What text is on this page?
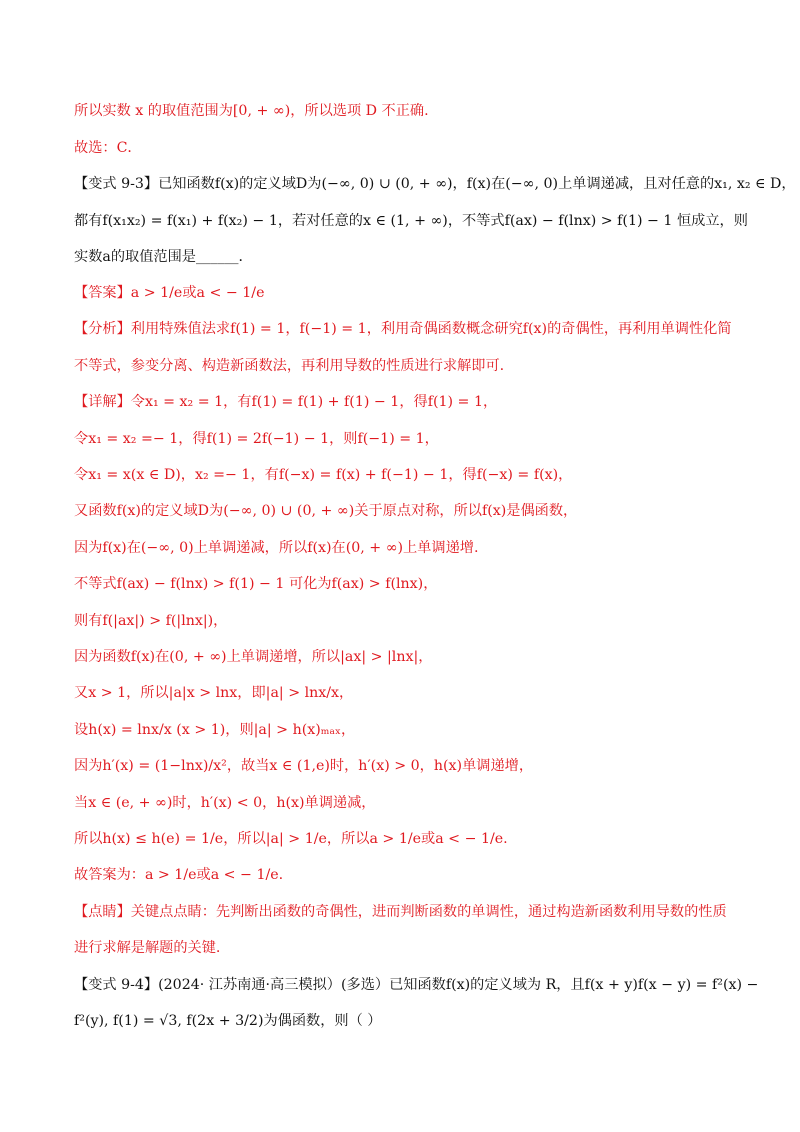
所以实数 x 的取值范围为[0, + ∞)，所以选项 D 不正确.
故选：C．
【变式 9-3】已知函数f(x)的定义域D为(−∞, 0) ∪ (0, + ∞)，f(x)在(−∞, 0)上单调递减，且对任意的x₁, x₂ ∈ D，
都有f(x₁x₂) = f(x₁) + f(x₂) − 1，若对任意的x ∈ (1, + ∞)，不等式f(ax) − f(lnx) > f(1) − 1 恒成立，则
实数a的取值范围是______．
【答案】a > 1/e或a < − 1/e
【分析】利用特殊值法求f(1) = 1，f(−1) = 1，利用奇偶函数概念研究f(x)的奇偶性，再利用单调性化简
不等式，参变分离、构造新函数法，再利用导数的性质进行求解即可.
【详解】令x₁ = x₂ = 1，有f(1) = f(1) + f(1) − 1，得f(1) = 1，
令x₁ = x₂ =− 1，得f(1) = 2f(−1) − 1，则f(−1) = 1，
令x₁ = x(x ∈ D)，x₂ =− 1，有f(−x) = f(x) + f(−1) − 1，得f(−x) = f(x)，
又函数f(x)的定义域D为(−∞, 0) ∪ (0, + ∞)关于原点对称，所以f(x)是偶函数，
因为f(x)在(−∞, 0)上单调递减，所以f(x)在(0, + ∞)上单调递增.
不等式f(ax) − f(lnx) > f(1) − 1 可化为f(ax) > f(lnx)，
则有f(|ax|) > f(|lnx|)，
因为函数f(x)在(0, + ∞)上单调递增，所以|ax| > |lnx|，
又x > 1，所以|a|x > lnx，即|a| > lnx/x，
设h(x) = lnx/x (x > 1)，则|a| > h(x)ₘₐₓ，
因为h′(x) = (1−lnx)/x²，故当x ∈ (1,e)时，h′(x) > 0，h(x)单调递增，
当x ∈ (e, + ∞)时，h′(x) < 0，h(x)单调递减，
所以h(x) ≤ h(e) = 1/e，所以|a| > 1/e，所以a > 1/e或a < − 1/e.
故答案为：a > 1/e或a < − 1/e.
【点睛】关键点点睛：先判断出函数的奇偶性，进而判断函数的单调性，通过构造新函数利用导数的性质
进行求解是解题的关键.
【变式 9-4】(2024· 江苏南通·高三模拟）(多选）已知函数f(x)的定义域为 R，且f(x + y)f(x − y) = f²(x) −
f²(y), f(1) = √3, f(2x + 3/2)为偶函数，则（ ）
